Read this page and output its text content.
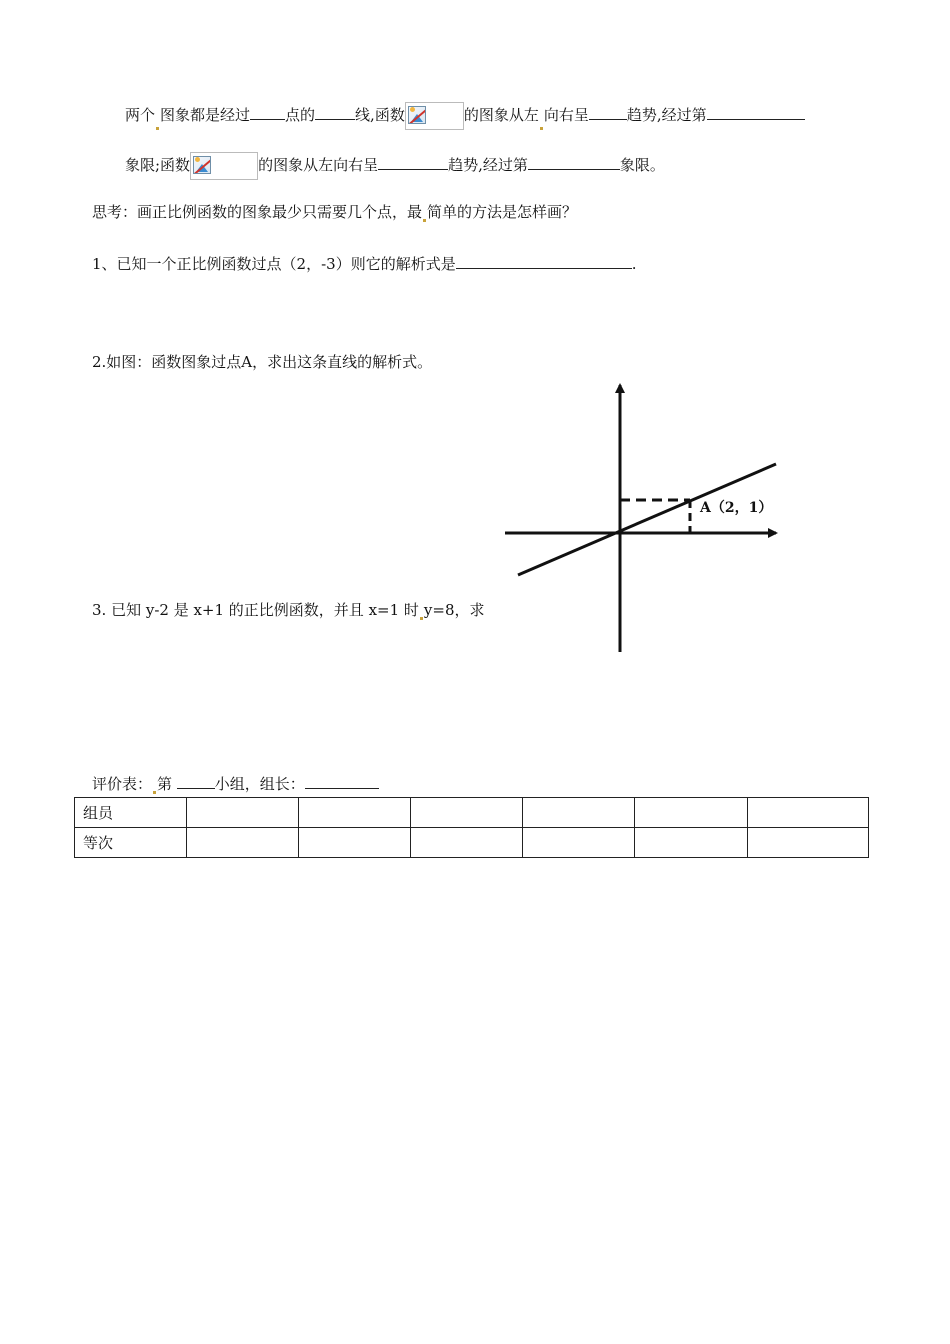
两个 图象都是经过 点的	线,函数	的图象从左 向右呈	趋势,经过第
象限;函数	的图象从左向右呈	趋势,经过第	象限。
思考：画正比例函数的图象最少只需要几个点，最 简单的方法是怎样画？
1、已知一个正比例函数过点（2，-3）则它的解析式是	.
2.如图：函数图象过点A，求出这条直线的解析式。
3. 已知 y-2 是 x+1 的正比例函数，并且 x=1 时 y=8，求
A（2，1）
评价表： 第	小组，组长：
组员						
等次						
